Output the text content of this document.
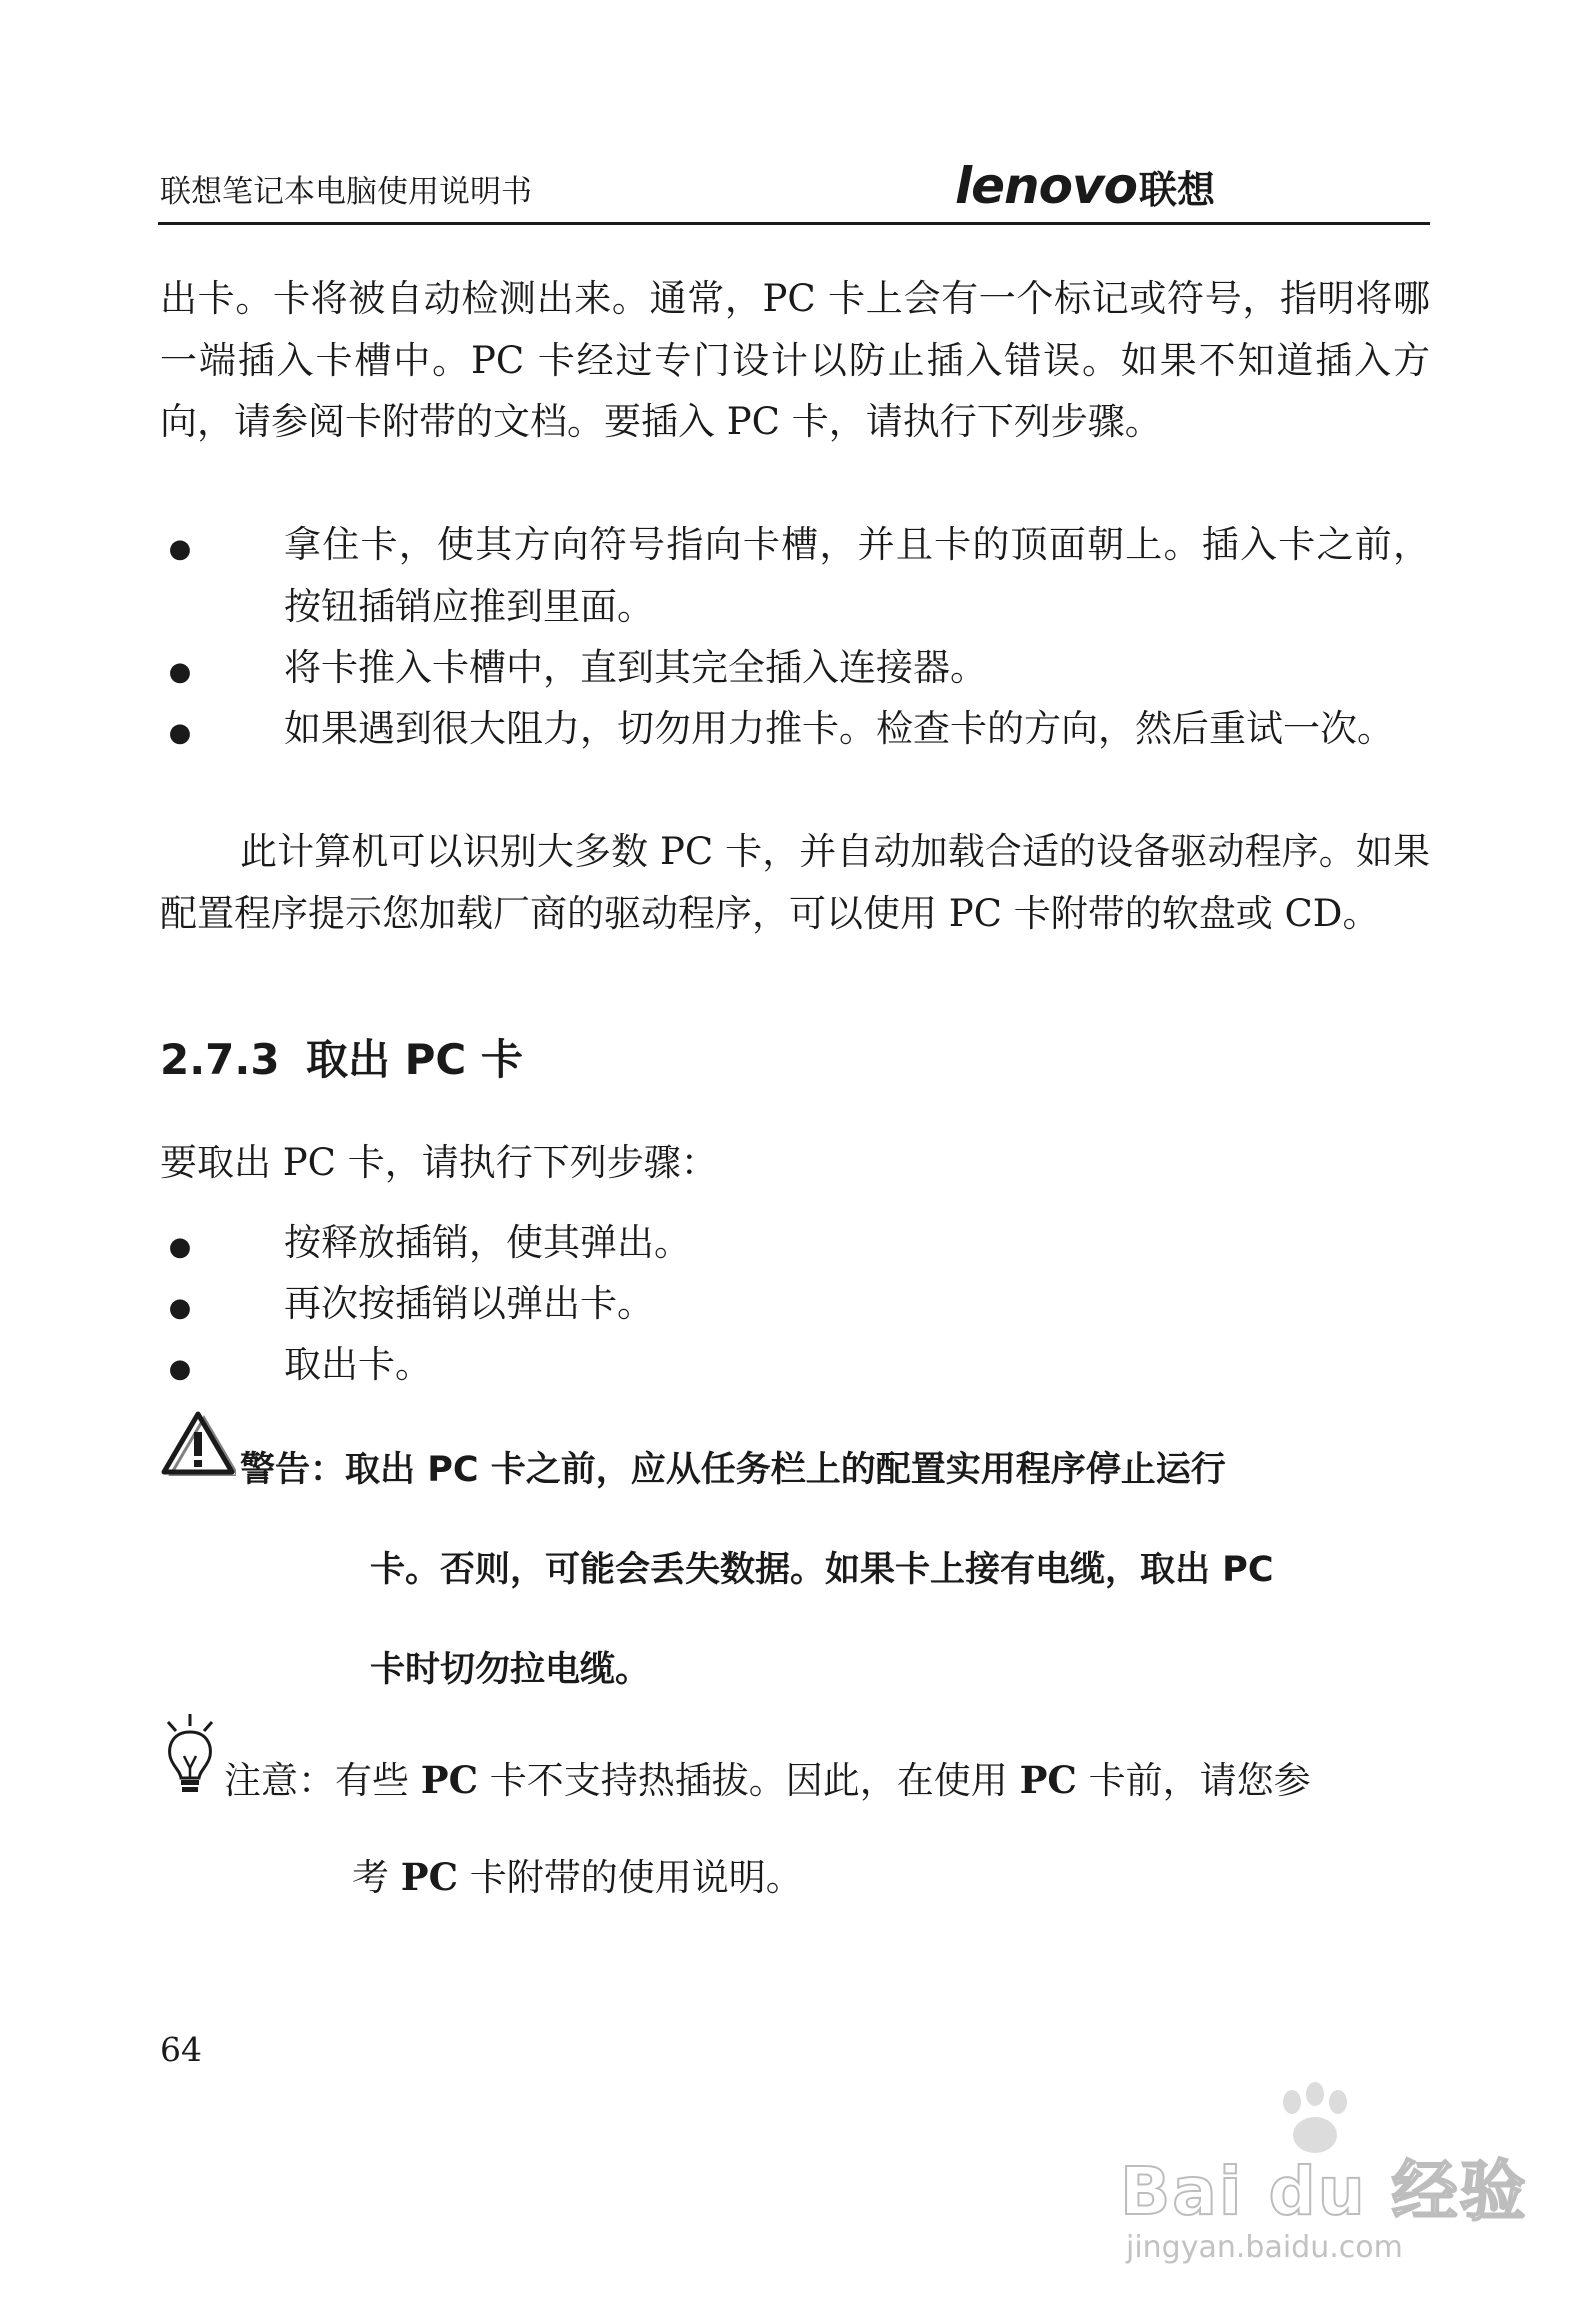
联想笔记本电脑使用说明书	lenovo联想

出卡。卡将被自动检测出来。通常，PC 卡上会有一个标记或符号，指明将哪一端插入卡槽中。PC 卡经过专门设计以防止插入错误。如果不知道插入方向，请参阅卡附带的文档。要插入 PC 卡，请执行下列步骤。

●	拿住卡，使其方向符号指向卡槽，并且卡的顶面朝上。插入卡之前，按钮插销应推到里面。
●	将卡推入卡槽中，直到其完全插入连接器。
●	如果遇到很大阻力，切勿用力推卡。检查卡的方向，然后重试一次。

此计算机可以识别大多数 PC 卡，并自动加载合适的设备驱动程序。如果配置程序提示您加载厂商的驱动程序，可以使用 PC 卡附带的软盘或 CD。

2.7.3 取出 PC 卡

要取出 PC 卡，请执行下列步骤：

●	按释放插销，使其弹出。
●	再次按插销以弹出卡。
●	取出卡。
警告：取出 PC 卡之前，应从任务栏上的配置实用程序停止运行
卡。否则，可能会丢失数据。如果卡上接有电缆，取出 PC
卡时切勿拉电缆。
注意：有些 PC 卡不支持热插拔。因此，在使用 PC 卡前，请您参
考 PC 卡附带的使用说明。
64
Bai du 经验
jingyan.baidu.com
